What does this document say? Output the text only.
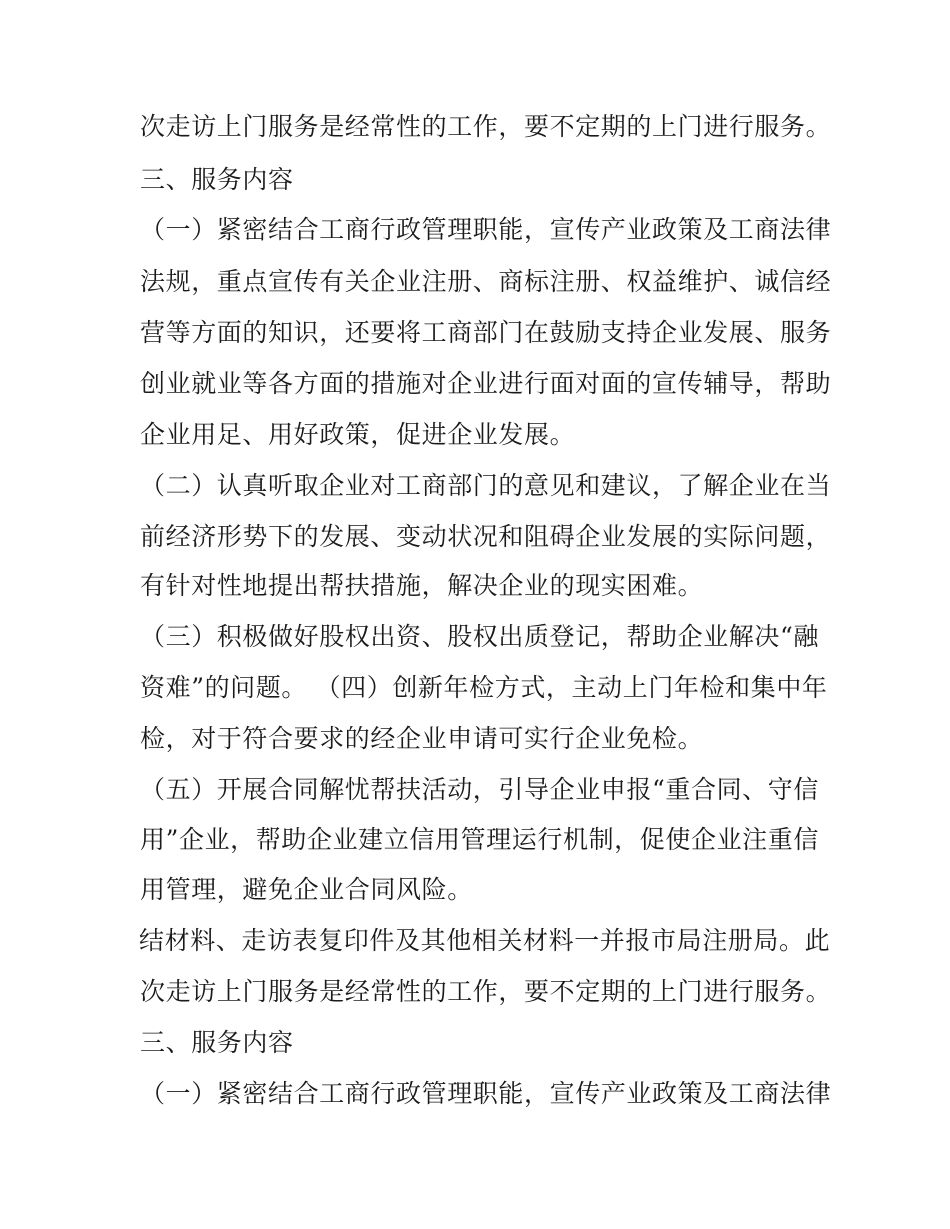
次走访上门服务是经常性的工作，要不定期的上门进行服务。
三、服务内容
（一）紧密结合工商行政管理职能，宣传产业政策及工商法律
法规，重点宣传有关企业注册、商标注册、权益维护、诚信经
营等方面的知识，还要将工商部门在鼓励支持企业发展、服务
创业就业等各方面的措施对企业进行面对面的宣传辅导，帮助
企业用足、用好政策，促进企业发展。
（二）认真听取企业对工商部门的意见和建议，了解企业在当
前经济形势下的发展、变动状况和阻碍企业发展的实际问题，
有针对性地提出帮扶措施，解决企业的现实困难。
（三）积极做好股权出资、股权出质登记，帮助企业解决“融
资难”的问题。 （四）创新年检方式，主动上门年检和集中年
检，对于符合要求的经企业申请可实行企业免检。
（五）开展合同解忧帮扶活动，引导企业申报“重合同、守信
用”企业，帮助企业建立信用管理运行机制，促使企业注重信
用管理，避免企业合同风险。
结材料、走访表复印件及其他相关材料一并报市局注册局。此
次走访上门服务是经常性的工作，要不定期的上门进行服务。
三、服务内容
（一）紧密结合工商行政管理职能，宣传产业政策及工商法律
